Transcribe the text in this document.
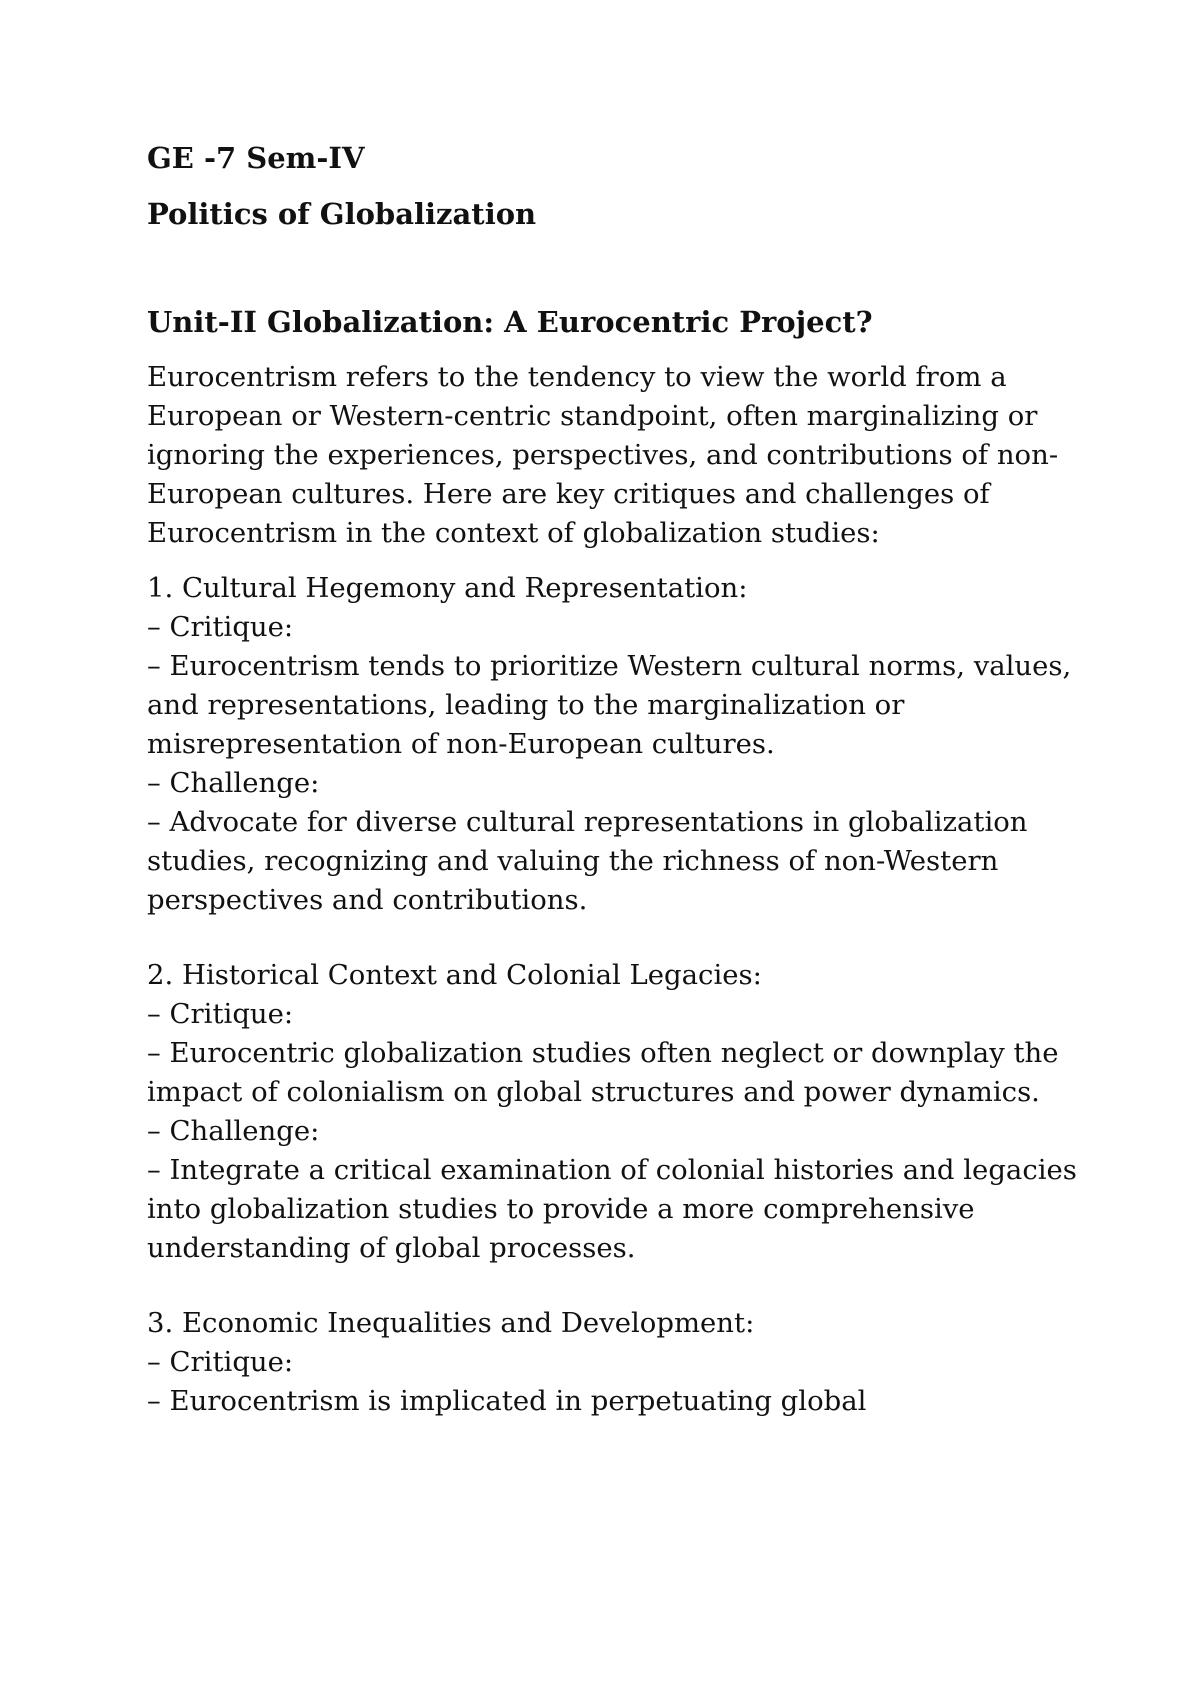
GE -7 Sem-IV

Politics of Globalization

Unit-II Globalization: A Eurocentric Project?

Eurocentrism refers to the tendency to view the world from a European or Western-centric standpoint, often marginalizing or ignoring the experiences, perspectives, and contributions of non-European cultures. Here are key critiques and challenges of Eurocentrism in the context of globalization studies:

1. Cultural Hegemony and Representation:
– Critique:
– Eurocentrism tends to prioritize Western cultural norms, values, and representations, leading to the marginalization or misrepresentation of non-European cultures.
– Challenge:
– Advocate for diverse cultural representations in globalization studies, recognizing and valuing the richness of non-Western perspectives and contributions.
2. Historical Context and Colonial Legacies:
– Critique:
– Eurocentric globalization studies often neglect or downplay the impact of colonialism on global structures and power dynamics.
– Challenge:
– Integrate a critical examination of colonial histories and legacies into globalization studies to provide a more comprehensive understanding of global processes.
3. Economic Inequalities and Development:
– Critique:
– Eurocentrism is implicated in perpetuating global
